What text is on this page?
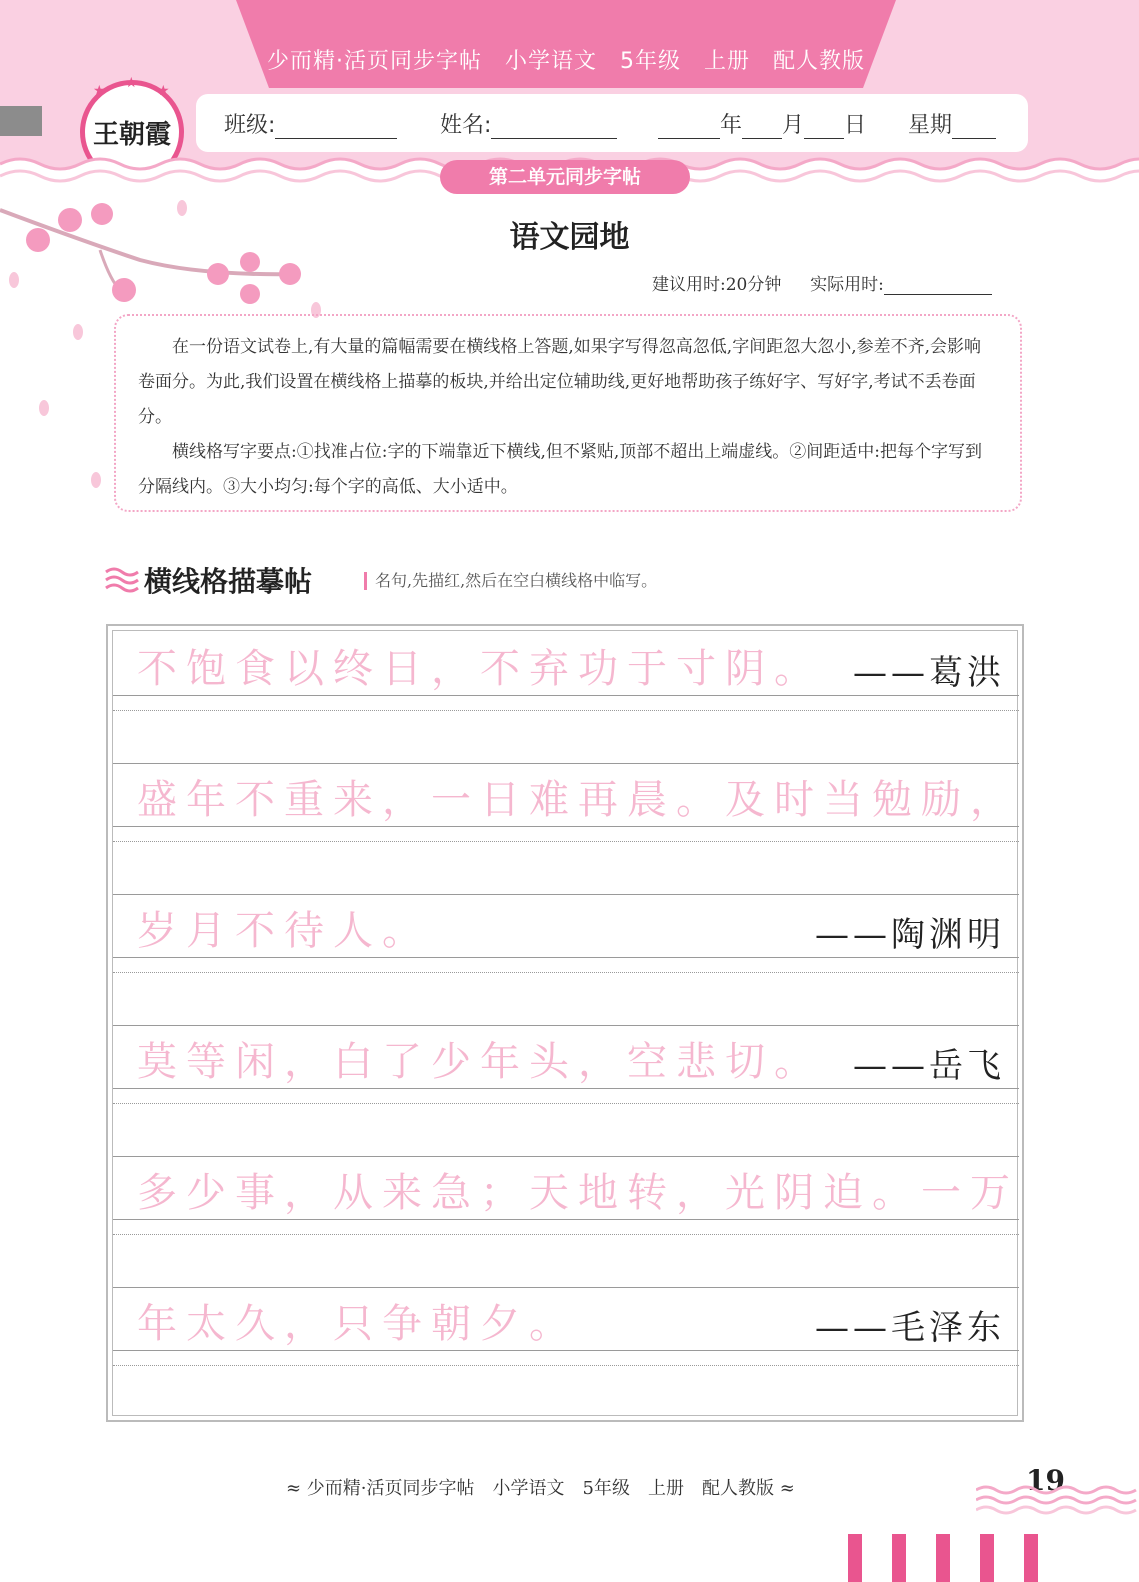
少而精·活页同步字帖　小学语文　5年级　上册　配人教版
★ ★ ★
王朝霞 班级:	姓名:	年 月 日 星期
第二单元同步字帖
语文园地
建议用时:20分钟 实际用时:

在一份语文试卷上,有大量的篇幅需要在横线格上答题,如果字写得忽高忽低,字间距忽大忽小,参差不齐,会影响卷面分。为此,我们设置在横线格上描摹的板块,并给出定位辅助线,更好地帮助孩子练好字、写好字,考试不丢卷面分。

横线格写字要点:①找准占位:字的下端靠近下横线,但不紧贴,顶部不超出上端虚线。②间距适中:把每个字写到分隔线内。③大小均匀:每个字的高低、大小适中。

横线格描摹帖	名句,先描红,然后在空白横线格中临写。
不饱食以终日，不弃功于寸阴。 ——葛洪
盛年不重来，一日难再晨。及时当勉励，
岁月不待人。	——陶渊明
莫等闲，白了少年头，空悲切。 ——岳飞
多少事，从来急；天地转，光阴迫。一万
年太久，只争朝夕。	——毛泽东
≈ 少而精·活页同步字帖　小学语文　5年级　上册　配人教版 ≈	19
